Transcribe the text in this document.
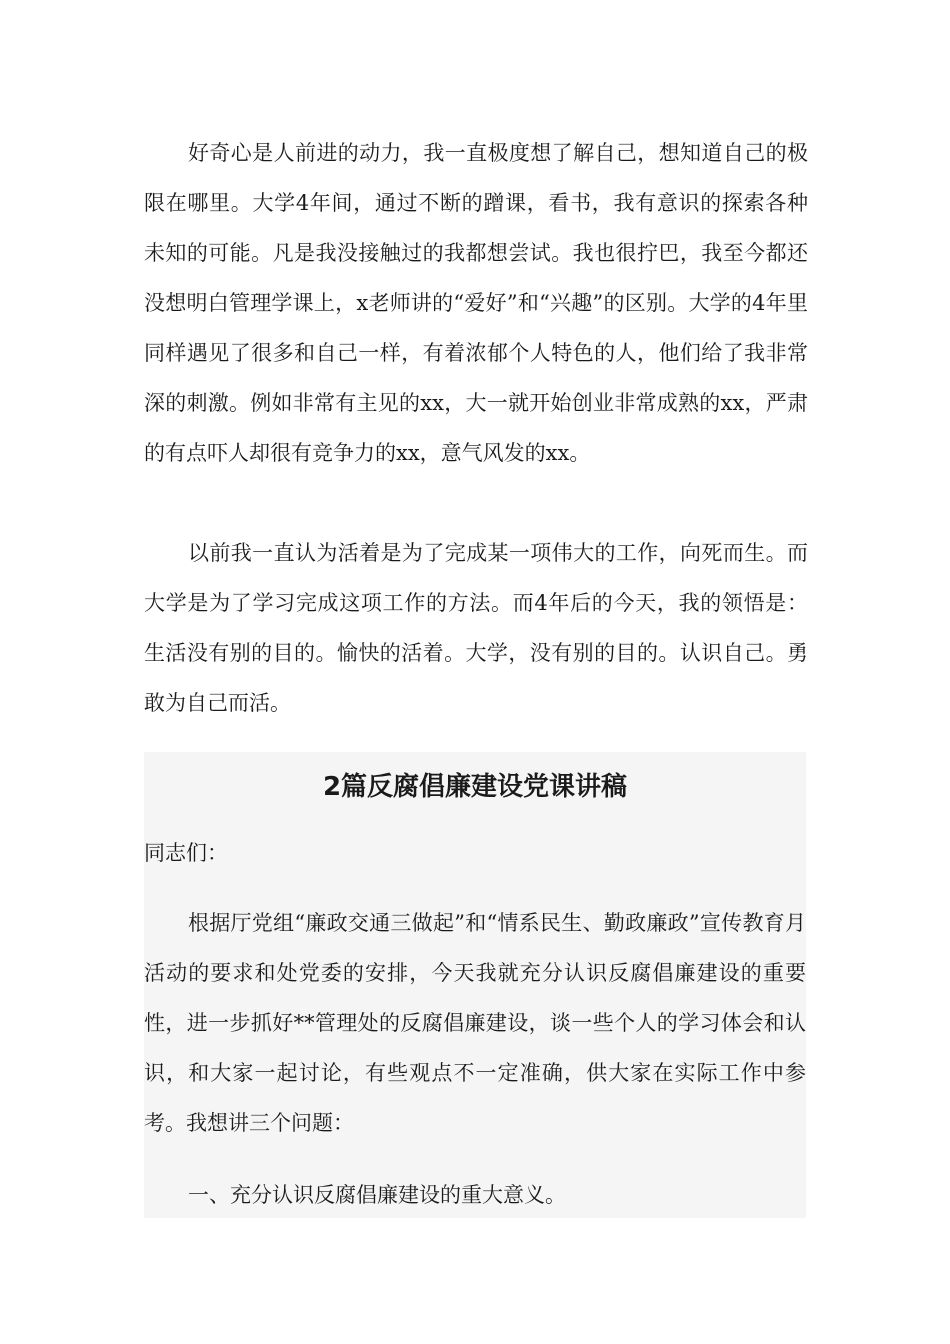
好奇心是人前进的动力，我一直极度想了解自己，想知道自己的极限在哪里。大学4年间，通过不断的蹭课，看书，我有意识的探索各种未知的可能。凡是我没接触过的我都想尝试。我也很拧巴，我至今都还没想明白管理学课上，x老师讲的“爱好”和“兴趣”的区别。大学的4年里同样遇见了很多和自己一样，有着浓郁个人特色的人，他们给了我非常深的刺激。例如非常有主见的xx，大一就开始创业非常成熟的xx，严肃的有点吓人却很有竞争力的xx，意气风发的xx。

以前我一直认为活着是为了完成某一项伟大的工作，向死而生。而大学是为了学习完成这项工作的方法。而4年后的今天，我的领悟是：生活没有别的目的。愉快的活着。大学，没有别的目的。认识自己。勇敢为自己而活。

2篇反腐倡廉建设党课讲稿

同志们：

根据厅党组“廉政交通三做起”和“情系民生、勤政廉政”宣传教育月活动的要求和处党委的安排，今天我就充分认识反腐倡廉建设的重要性，进一步抓好**管理处的反腐倡廉建设，谈一些个人的学习体会和认识，和大家一起讨论，有些观点不一定准确，供大家在实际工作中参考。我想讲三个问题：

一、充分认识反腐倡廉建设的重大意义。
